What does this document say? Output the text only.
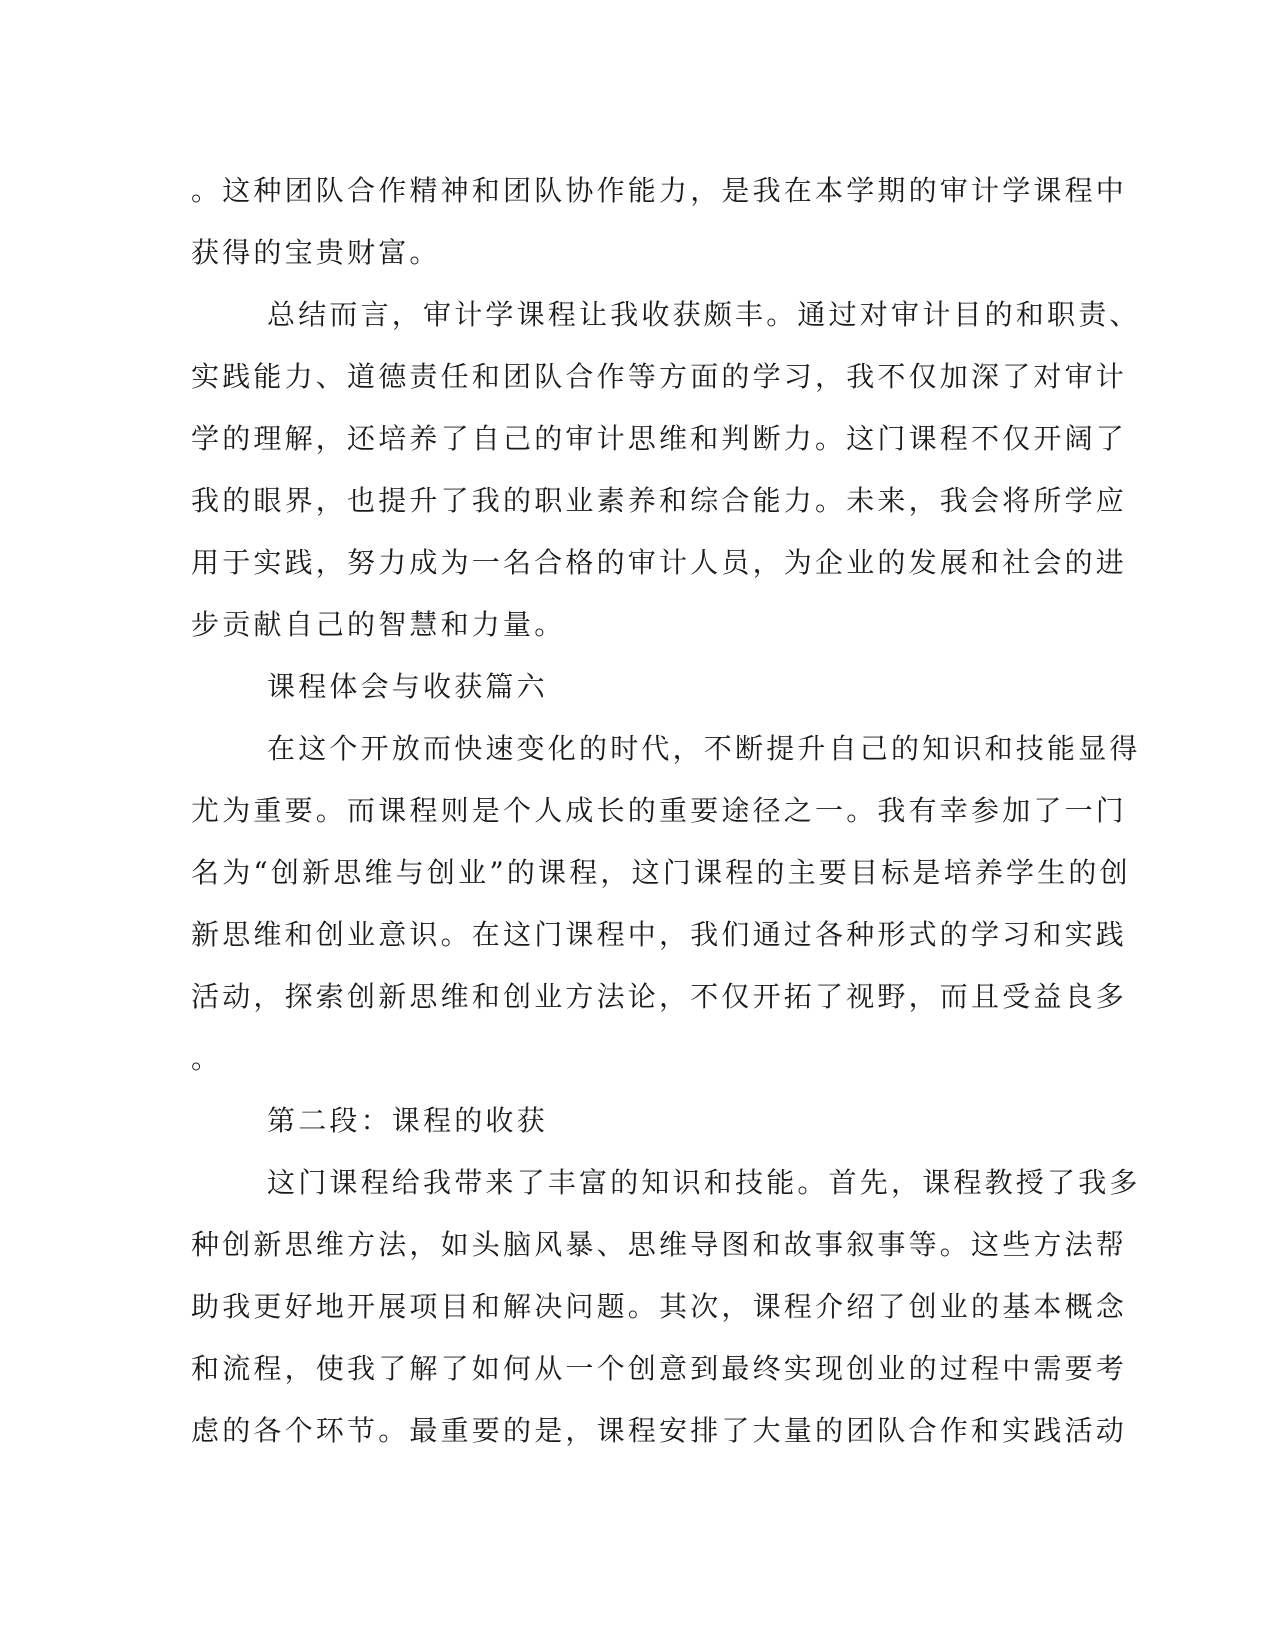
。这种团队合作精神和团队协作能力，是我在本学期的审计学课程中
获得的宝贵财富。
总结而言，审计学课程让我收获颇丰。通过对审计目的和职责、
实践能力、道德责任和团队合作等方面的学习，我不仅加深了对审计
学的理解，还培养了自己的审计思维和判断力。这门课程不仅开阔了
我的眼界，也提升了我的职业素养和综合能力。未来，我会将所学应
用于实践，努力成为一名合格的审计人员，为企业的发展和社会的进
步贡献自己的智慧和力量。
课程体会与收获篇六
在这个开放而快速变化的时代，不断提升自己的知识和技能显得
尤为重要。而课程则是个人成长的重要途径之一。我有幸参加了一门
名为“创新思维与创业”的课程，这门课程的主要目标是培养学生的创
新思维和创业意识。在这门课程中，我们通过各种形式的学习和实践
活动，探索创新思维和创业方法论，不仅开拓了视野，而且受益良多
。
第二段：课程的收获
这门课程给我带来了丰富的知识和技能。首先，课程教授了我多
种创新思维方法，如头脑风暴、思维导图和故事叙事等。这些方法帮
助我更好地开展项目和解决问题。其次，课程介绍了创业的基本概念
和流程，使我了解了如何从一个创意到最终实现创业的过程中需要考
虑的各个环节。最重要的是，课程安排了大量的团队合作和实践活动
